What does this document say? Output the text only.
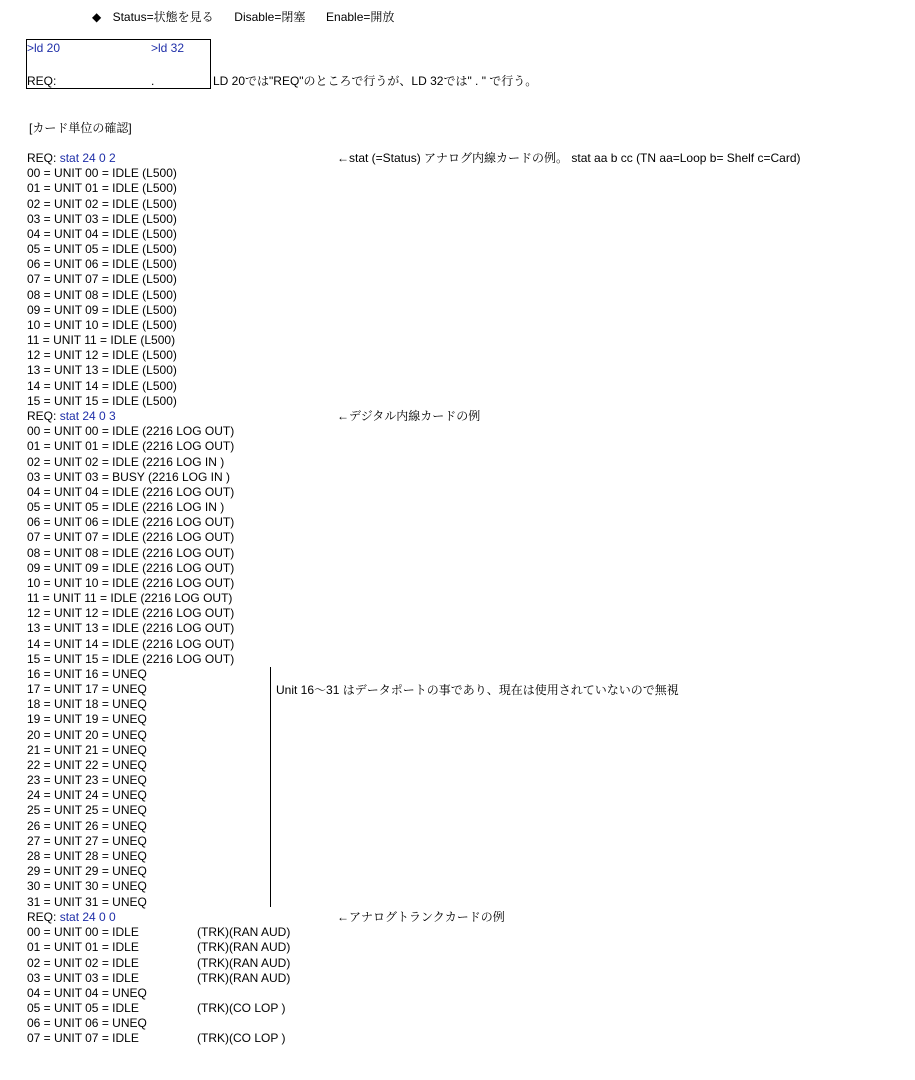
◆ Status=状態を見る Disable=閉塞 Enable=開放
>ld 20	>ld 32
REQ:	.	LD 20では"REQ"のところで行うが、LD 32では" . " で行う。
[カード単位の確認]
REQ: stat 24 0 2
00 = UNIT 00 = IDLE (L500)
01 = UNIT 01 = IDLE (L500)
02 = UNIT 02 = IDLE (L500)
03 = UNIT 03 = IDLE (L500)
04 = UNIT 04 = IDLE (L500)
05 = UNIT 05 = IDLE (L500)
06 = UNIT 06 = IDLE (L500)
07 = UNIT 07 = IDLE (L500)
08 = UNIT 08 = IDLE (L500)
09 = UNIT 09 = IDLE (L500)
10 = UNIT 10 = IDLE (L500)
11 = UNIT 11 = IDLE (L500)
12 = UNIT 12 = IDLE (L500)
13 = UNIT 13 = IDLE (L500)
14 = UNIT 14 = IDLE (L500)
15 = UNIT 15 = IDLE (L500)
←stat (=Status) アナログ内線カードの例。 stat aa b cc (TN aa=Loop b= Shelf c=Card)
REQ: stat 24 0 3
00 = UNIT 00 = IDLE (2216 LOG OUT)
01 = UNIT 01 = IDLE (2216 LOG OUT)
02 = UNIT 02 = IDLE (2216 LOG IN )
03 = UNIT 03 = BUSY (2216 LOG IN )
04 = UNIT 04 = IDLE (2216 LOG OUT)
05 = UNIT 05 = IDLE (2216 LOG IN )
06 = UNIT 06 = IDLE (2216 LOG OUT)
07 = UNIT 07 = IDLE (2216 LOG OUT)
08 = UNIT 08 = IDLE (2216 LOG OUT)
09 = UNIT 09 = IDLE (2216 LOG OUT)
10 = UNIT 10 = IDLE (2216 LOG OUT)
11 = UNIT 11 = IDLE (2216 LOG OUT)
12 = UNIT 12 = IDLE (2216 LOG OUT)
13 = UNIT 13 = IDLE (2216 LOG OUT)
14 = UNIT 14 = IDLE (2216 LOG OUT)
15 = UNIT 15 = IDLE (2216 LOG OUT)
16 = UNIT 16 = UNEQ
17 = UNIT 17 = UNEQ
18 = UNIT 18 = UNEQ
19 = UNIT 19 = UNEQ
20 = UNIT 20 = UNEQ
21 = UNIT 21 = UNEQ
22 = UNIT 22 = UNEQ
23 = UNIT 23 = UNEQ
24 = UNIT 24 = UNEQ
25 = UNIT 25 = UNEQ
26 = UNIT 26 = UNEQ
27 = UNIT 27 = UNEQ
28 = UNIT 28 = UNEQ
29 = UNIT 29 = UNEQ
30 = UNIT 30 = UNEQ
31 = UNIT 31 = UNEQ
←デジタル内線カードの例
Unit 16～31 はデータポートの事であり、現在は使用されていないので無視
REQ: stat 24 0 0
00 = UNIT 00 = IDLE	(TRK)(RAN AUD)
01 = UNIT 01 = IDLE	(TRK)(RAN AUD)
02 = UNIT 02 = IDLE	(TRK)(RAN AUD)
03 = UNIT 03 = IDLE	(TRK)(RAN AUD)
04 = UNIT 04 = UNEQ
05 = UNIT 05 = IDLE	(TRK)(CO LOP )
06 = UNIT 06 = UNEQ
07 = UNIT 07 = IDLE	(TRK)(CO LOP )
←アナログトランクカードの例
